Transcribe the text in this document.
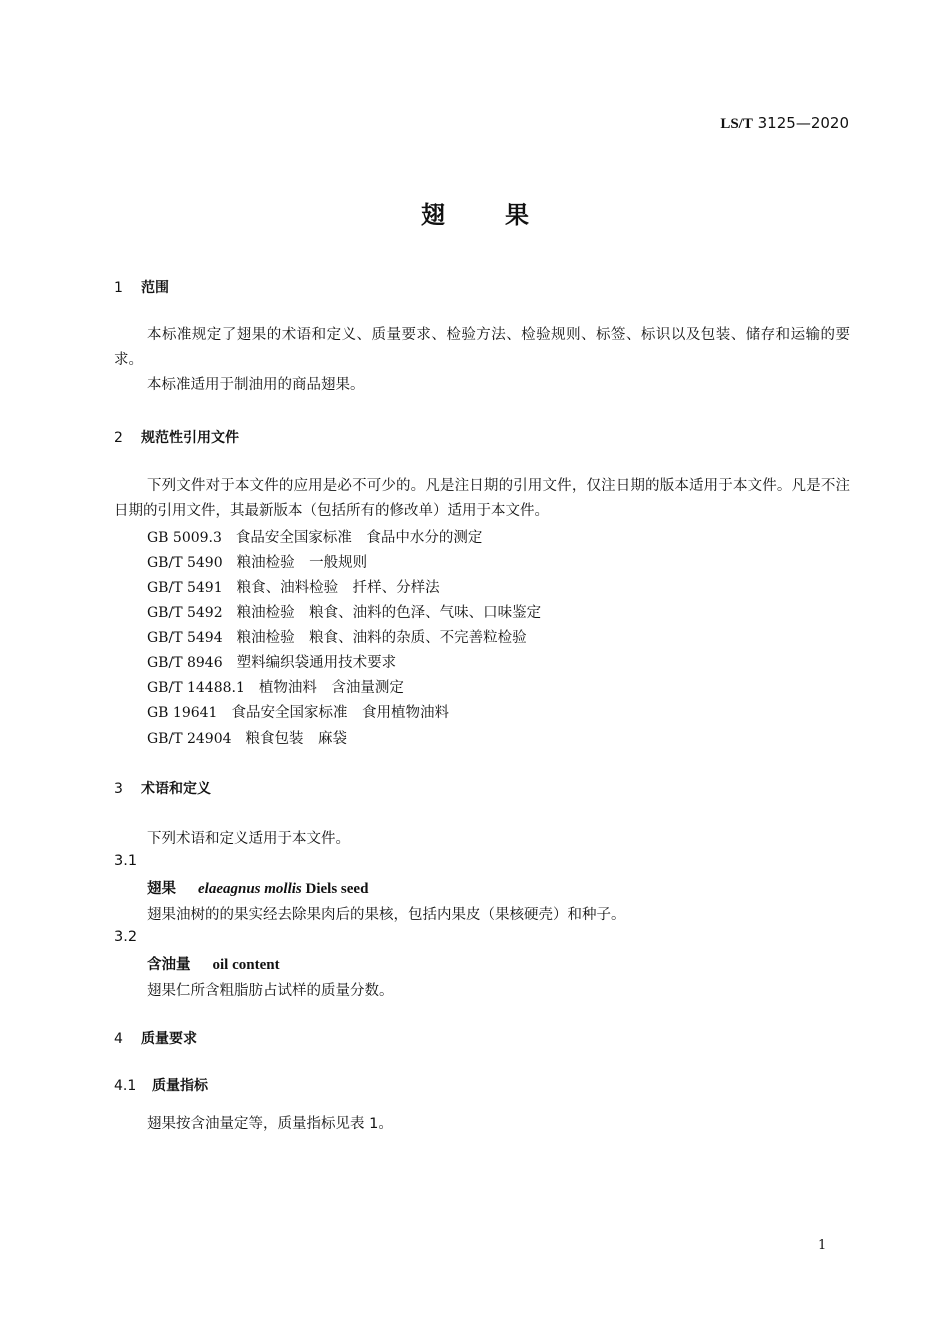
LS/T 3125—2020
翅果
1 范围
本标准规定了翅果的术语和定义、质量要求、检验方法、检验规则、标签、标识以及包装、储存和运输的要求。
本标准适用于制油用的商品翅果。
2 规范性引用文件
下列文件对于本文件的应用是必不可少的。凡是注日期的引用文件，仅注日期的版本适用于本文件。凡是不注日期的引用文件，其最新版本（包括所有的修改单）适用于本文件。
GB 5009.3 食品安全国家标准　食品中水分的测定
GB/T 5490 粮油检验　一般规则
GB/T 5491 粮食、油料检验　扦样、分样法
GB/T 5492 粮油检验　粮食、油料的色泽、气味、口味鉴定
GB/T 5494 粮油检验　粮食、油料的杂质、不完善粒检验
GB/T 8946 塑料编织袋通用技术要求
GB/T 14488.1 植物油料　含油量测定
GB 19641 食品安全国家标准　食用植物油料
GB/T 24904 粮食包装　麻袋
3 术语和定义
下列术语和定义适用于本文件。
3.1
翅果 elaeagnus mollis Diels seed
翅果油树的的果实经去除果肉后的果核，包括内果皮（果核硬壳）和种子。
3.2
含油量 oil content
翅果仁所含粗脂肪占试样的质量分数。
4 质量要求
4.1 质量指标
翅果按含油量定等，质量指标见表 1。
1
